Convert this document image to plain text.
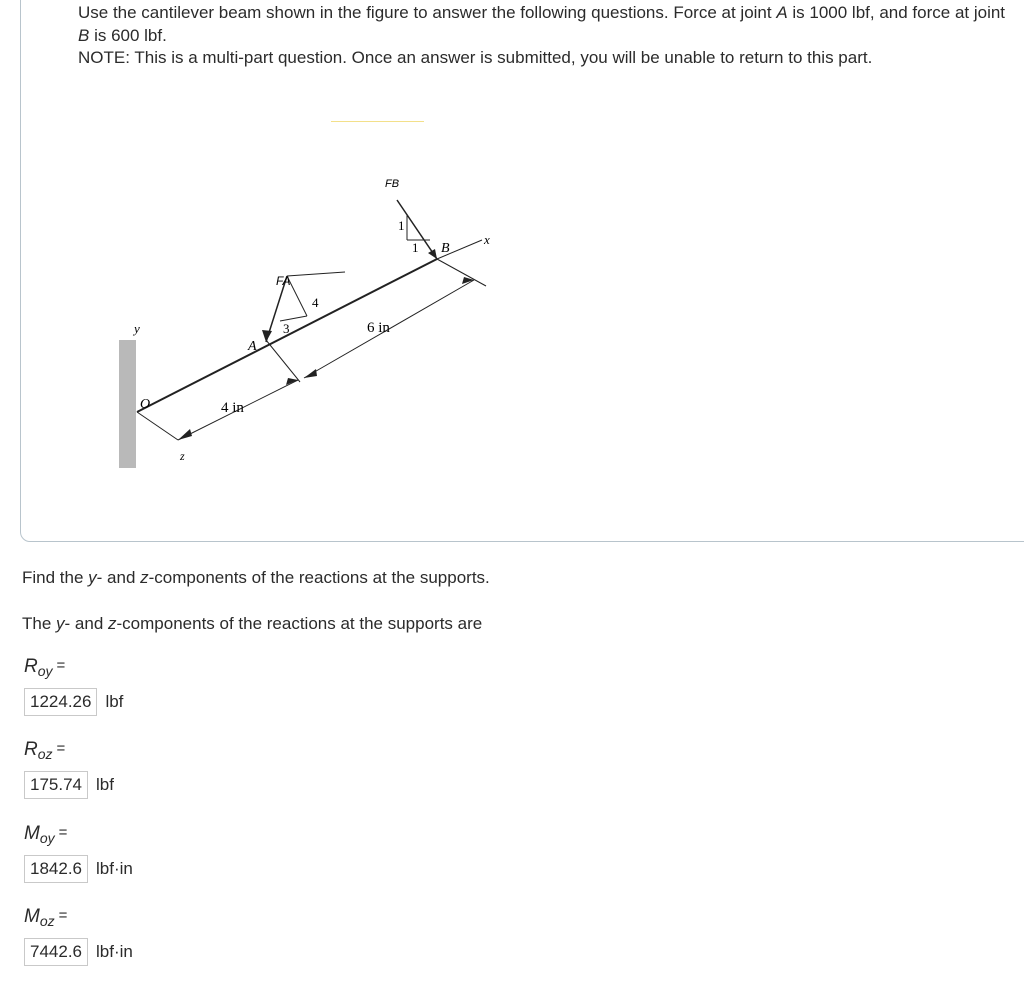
Use the cantilever beam shown in the figure to answer the following questions. Force at joint A is 1000 lbf, and force at joint B is 600 lbf.

NOTE: This is a multi-part question. Once an answer is submitted, you will be unable to return to this part.

x
y
z
O	4 in
6 in
FA
4
3
A
FB
1
1 B
Find the y- and z-components of the reactions at the supports.
The y- and z-components of the reactions at the supports are
$R_{oy}$ =
1224.26 lbf
$R_{oz}$ =
175.74 lbf
$M_{oy}$ =
1842.6 lbf·in
$M_{oz}$ =
7442.6 lbf·in
